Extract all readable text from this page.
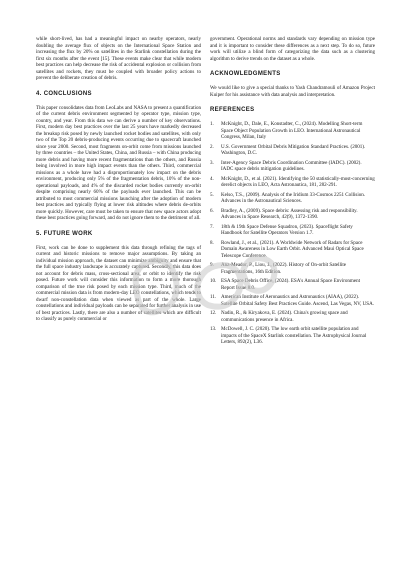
while short-lived, has had a meaningful impact on nearby operators, nearly doubling the average flux of objects on the International Space Station and increasing the flux by 20% on satellites in the Starlink constellation during the first six months after the event [15]. These events make clear that while modern best practices can help decrease the risk of accidental explosion or collision from satellites and rockets, they must be coupled with broader policy actions to prevent the deliberate creation of debris.

4. CONCLUSIONS

This paper consolidates data from LeoLabs and NASA to present a quantification of the current debris environment segmented by operator type, mission type, country, and year. From this data we can derive a number of key observations. First, modern day best practices over the last 25 years have markedly decreased the breakup risk posed by newly launched rocket bodies and satellites, with only two of the Top 20 debris-producing events occurring due to spacecraft launched since year 2000. Second, most fragments on-orbit come from missions launched by three countries – the United States, China, and Russia – with China producing more debris and having more recent fragmentations than the others, and Russia being involved in more high impact events than the others. Third, commercial missions as a whole have had a disproportionately low impact on the debris environment, producing only 5% of the fragmentation debris, 10% of the non-operational payloads, and 4% of the discarded rocket bodies currently on-orbit despite comprising nearly 60% of the payloads ever launched. This can be attributed to most commercial missions launching after the adoption of modern best practices and typically flying at lower risk altitudes where debris de-orbits more quickly. However, care must be taken to ensure that new space actors adopt these best practices going forward, and do not ignore them to the detriment of all.

5. FUTURE WORK

First, work can be done to supplement this data through refining the tags of current and historic missions to remove major assumptions. By taking an individual mission approach, the dataset can minimize ambiguity and ensure that the full space industry landscape is accurately captured. Secondly, this data does not account for debris mass, cross-sectional area, or orbit to identify the risk posed. Future work will consider this information to form a more thorough comparison of the true risk posed by each mission type. Third, much of the commercial mission data is from modern-day LEO constellations, which tends to dwarf non-constellation data when viewed as part of the whole. Large constellations and individual payloads can be separated for further analysis in use of best practices. Lastly, there are also a number of satellites which are difficult to classify as purely commercial or

government. Operational norms and standards vary depending on mission type and it is important to consider these differences as a next step. To do so, future work will utilize a blind form of categorizing the data such as a clustering algorithm to derive trends on the dataset as a whole.

ACKNOWLEDGMENTS

We would like to give a special thanks to Yash Chandramouli of Amazon Project Kuiper for his assistance with data analysis and interpretation.

REFERENCES
1.	McKnight, D., Dale, E., Konstadter, C., (2024). Modelling Short-term Space Object Population Growth in LEO. International Astronautical Congress, Milan, Italy
2.	U.S. Government Orbital Debris Mitigation Standard Practices. (2001). Washington, D.C.
3.	Inter-Agency Space Debris Coordination Committee (IADC). (2002). IADC space debris mitigation guidelines.
4.	McKnight, D., et al. (2021). Identifying the 50 statistically-most-concerning derelict objects in LEO, Acta Astronautica, 181, 282-291.
5.	Kelso, T.S., (2009). Analysis of the Iridium 33-Cosmos 2251 Collision. Advances in the Astronautical Sciences.
6.	Bradley, A., (2009). Space debris: Assessing risk and responsibility. Advances in Space Research, 42(9), 1372-1390.
7.	18th & 19th Space Defense Squadron, (2023). Spaceflight Safety Handbook for Satellite Operators Version 1.7.
8.	Rowland, J., et al., (2021). A Worldwide Network of Radars for Space Domain Awareness in Low Earth Orbit. Advanced Maui Optical Space Telescope Conference.
9.	Anz-Meador, P., Liou, J., (2022). History of On-orbit Satellite Fragmentations, 16th Edition.
10. ESA Space Debris Office, (2024). ESA's Annual Space Environment Report Issue 8.0.
11. American Institute of Aeronautics and Astronautics (AIAA), (2022). Satellite Orbital Safety Best Practices Guide. Ascend, Las Vegas, NV, USA.
12. Nadin, R., & Kiryakova, E. (2024). China's growing space and communications presence in Africa.
13. McDowell, J. C. (2020). The low earth orbit satellite population and impacts of the SpaceX Starlink constellation. The Astrophysical Journal Letters, 892(2), L36.
